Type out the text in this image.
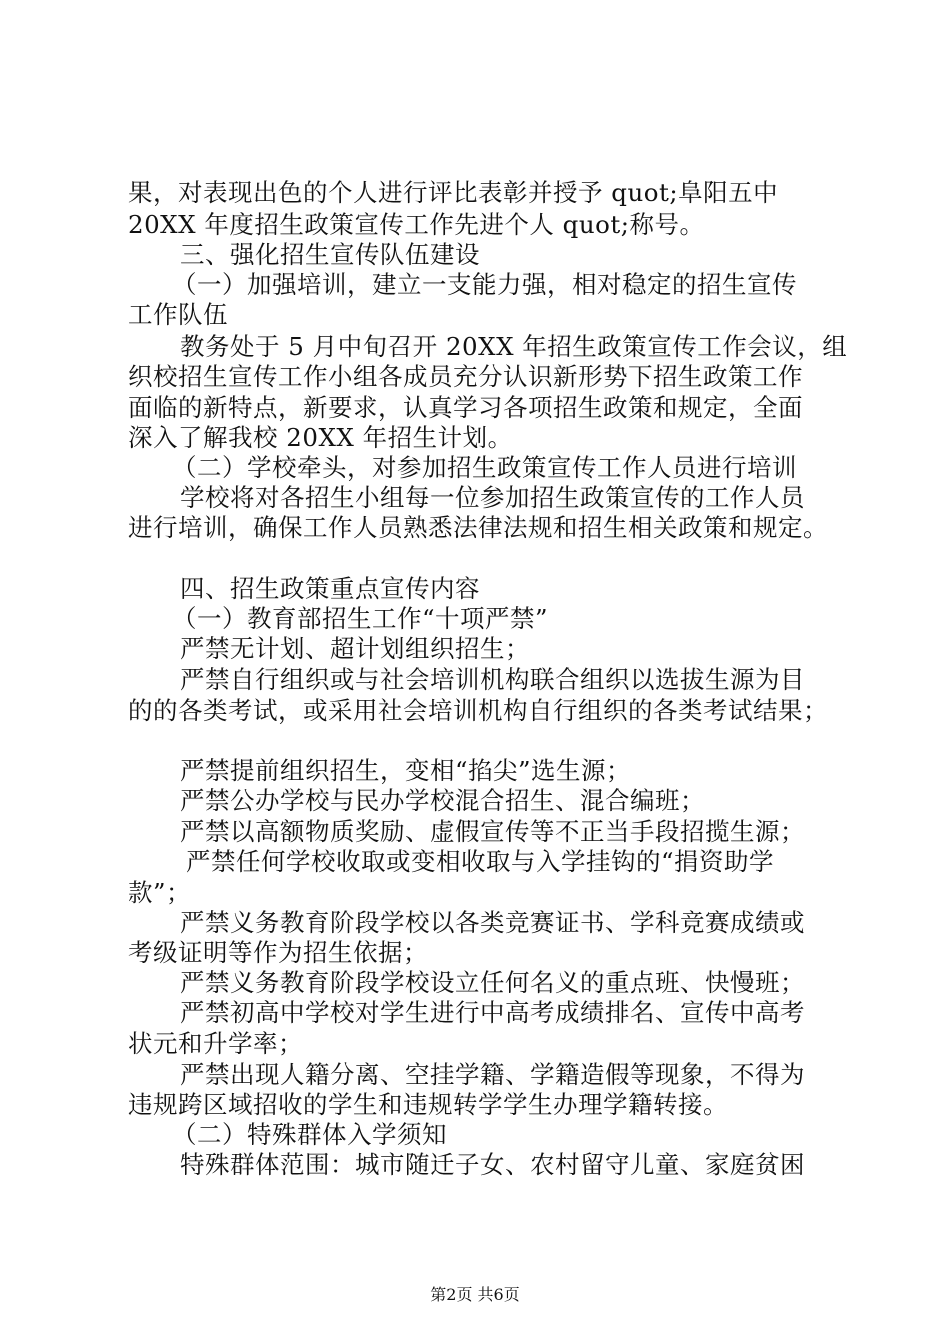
果，对表现出色的个人进行评比表彰并授予 quot;阜阳五中
20XX 年度招生政策宣传工作先进个人 quot;称号。
三、强化招生宣传队伍建设
（一）加强培训，建立一支能力强，相对稳定的招生宣传
工作队伍
教务处于 5 月中旬召开 20XX 年招生政策宣传工作会议，组
织校招生宣传工作小组各成员充分认识新形势下招生政策工作
面临的新特点，新要求，认真学习各项招生政策和规定，全面
深入了解我校 20XX 年招生计划。
（二）学校牵头，对参加招生政策宣传工作人员进行培训
学校将对各招生小组每一位参加招生政策宣传的工作人员
进行培训，确保工作人员熟悉法律法规和招生相关政策和规定。
四、招生政策重点宣传内容
（一）教育部招生工作“十项严禁”
严禁无计划、超计划组织招生；
严禁自行组织或与社会培训机构联合组织以选拔生源为目
的的各类考试，或采用社会培训机构自行组织的各类考试结果；
严禁提前组织招生，变相“掐尖”选生源；
严禁公办学校与民办学校混合招生、混合编班；
严禁以高额物质奖励、虚假宣传等不正当手段招揽生源；
严禁任何学校收取或变相收取与入学挂钩的“捐资助学
款”；
严禁义务教育阶段学校以各类竞赛证书、学科竞赛成绩或
考级证明等作为招生依据；
严禁义务教育阶段学校设立任何名义的重点班、快慢班；
严禁初高中学校对学生进行中高考成绩排名、宣传中高考
状元和升学率；
严禁出现人籍分离、空挂学籍、学籍造假等现象，不得为
违规跨区域招收的学生和违规转学学生办理学籍转接。
（二）特殊群体入学须知
特殊群体范围：城市随迁子女、农村留守儿童、家庭贫困
第2页 共6页
